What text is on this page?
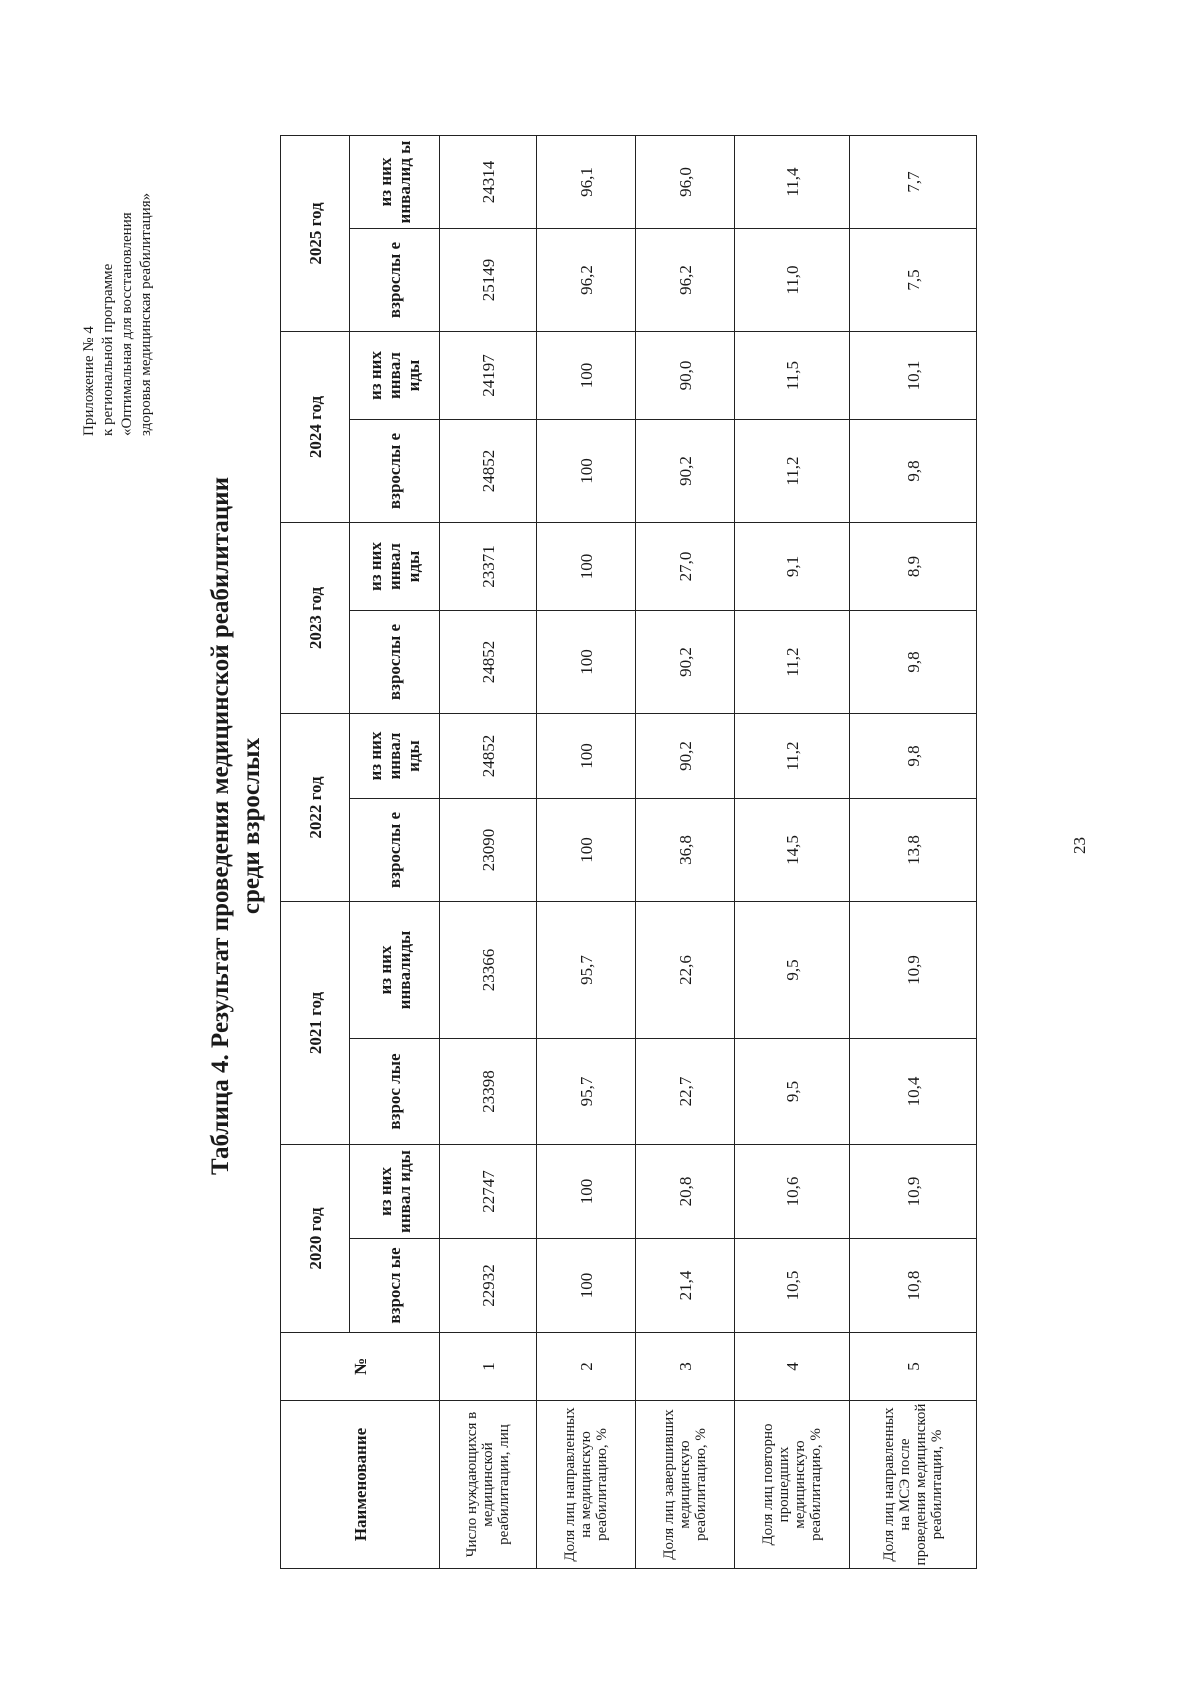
Приложение № 4 к региональной программе «Оптимальная для восстановления здоровья медицинская реабилитация»
Таблица 4. Результат проведения медицинской реабилитации среди взрослых
Наименование	№	2020 год		2021 год		2022 год		2023 год		2024 год		2025 год	
		взросл ые	из них инвал иды	взрос лые	из них инвалиды	взрослы е	из них инвал иды	взрослы е	из них инвал иды	взрослы е	из них инвал иды	взрослы е	из них инвалид ы
Число нуждающихся в медицинской реабилитации, лиц	1	22932	22747	23398	23366	23090	24852	24852	23371	24852	24197	25149	24314
Доля лиц направленных на медицинскую реабилитацию, %	2	100	100	95,7	95,7	100	100	100	100	100	100	96,2	96,1
Доля лиц завершивших медицинскую реабилитацию, %	3	21,4	20,8	22,7	22,6	36,8	90,2	90,2	27,0	90,2	90,0	96,2	96,0
Доля лиц повторно прошедших медицинскую реабилитацию, %	4	10,5	10,6	9,5	9,5	14,5	11,2	11,2	9,1	11,2	11,5	11,0	11,4
Доля лиц направленных на МСЭ после проведения медицинской реабилитации, %	5	10,8	10,9	10,4	10,9	13,8	9,8	9,8	8,9	9,8	10,1	7,5	7,7
23
